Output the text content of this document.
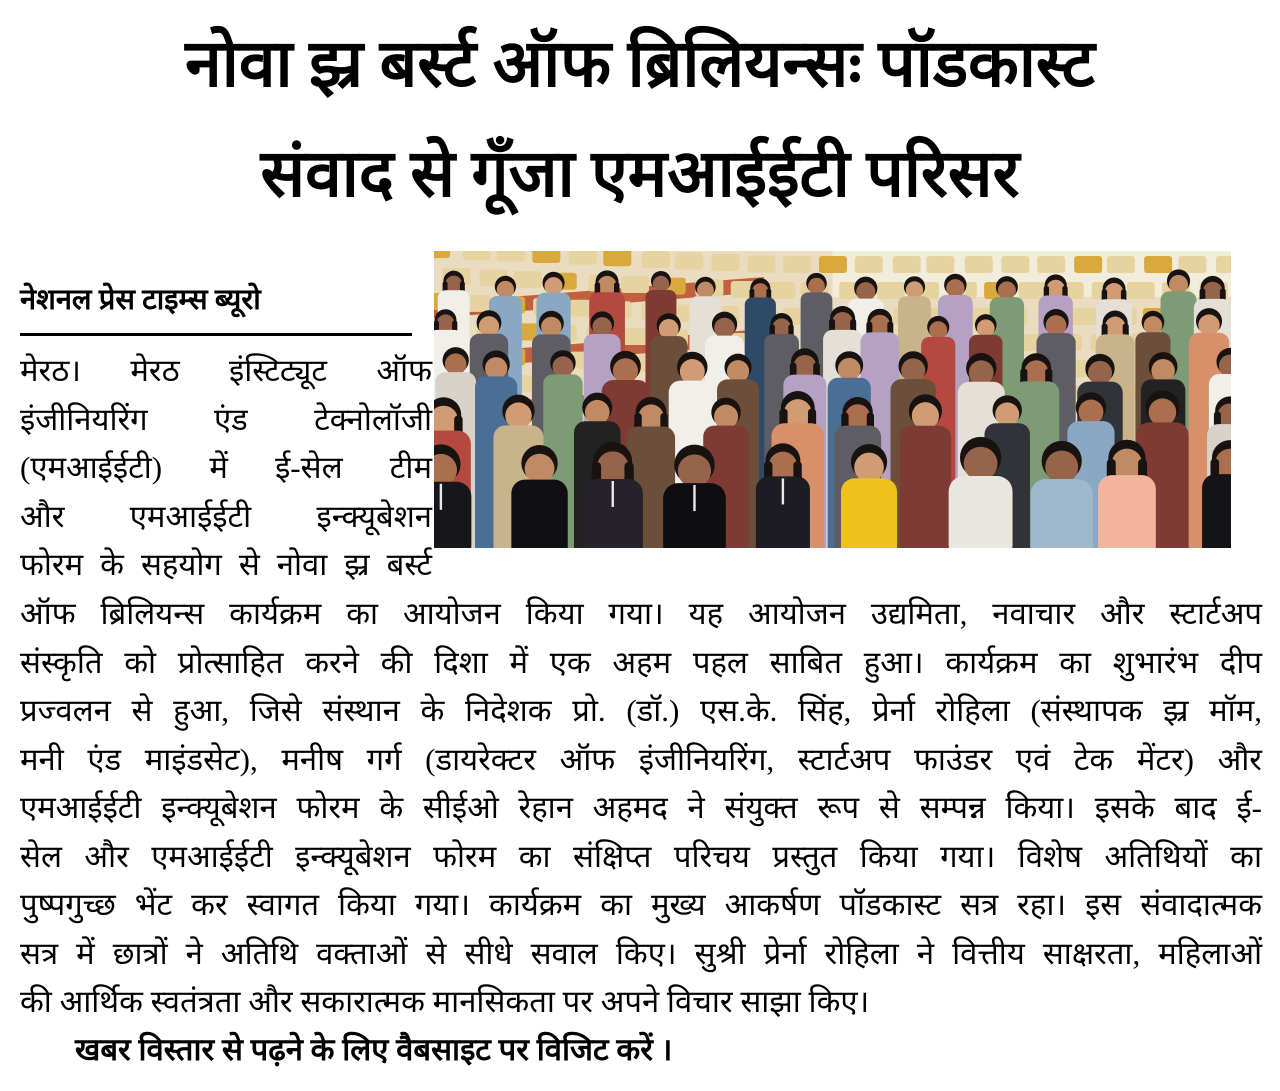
नोवा झ्र बर्स्ट ऑफ ब्रिलियन्सः पॉडकास्ट
संवाद से गूँजा एमआईईटी परिसर
नेशनल प्रेस टाइम्स ब्यूरो
मेरठ। मेरठ इंस्टिट्यूट ऑफ
इंजीनियरिंग एंड टेक्नोलॉजी
(एमआईईटी) में ई-सेल टीम
और एमआईईटी इन्क्यूबेशन
फोरम के सहयोग से नोवा झ्र बर्स्ट
ऑफ ब्रिलियन्स कार्यक्रम का आयोजन किया गया। यह आयोजन उद्यमिता, नवाचार और स्टार्टअप
संस्कृति को प्रोत्साहित करने की दिशा में एक अहम पहल साबित हुआ। कार्यक्रम का शुभारंभ दीप
प्रज्वलन से हुआ, जिसे संस्थान के निदेशक प्रो. (डॉ.) एस.के. सिंह, प्रेर्ना रोहिला (संस्थापक झ्र मॉम,
मनी एंड माइंडसेट), मनीष गर्ग (डायरेक्टर ऑफ इंजीनियरिंग, स्टार्टअप फाउंडर एवं टेक मेंटर) और
एमआईईटी इन्क्यूबेशन फोरम के सीईओ रेहान अहमद ने संयुक्त रूप से सम्पन्न किया। इसके बाद ई-
सेल और एमआईईटी इन्क्यूबेशन फोरम का संक्षिप्त परिचय प्रस्तुत किया गया। विशेष अतिथियों का
पुष्पगुच्छ भेंट कर स्वागत किया गया। कार्यक्रम का मुख्य आकर्षण पॉडकास्ट सत्र रहा। इस संवादात्मक
सत्र में छात्रों ने अतिथि वक्ताओं से सीधे सवाल किए। सुश्री प्रेर्ना रोहिला ने वित्तीय साक्षरता, महिलाओं
की आर्थिक स्वतंत्रता और सकारात्मक मानसिकता पर अपने विचार साझा किए।
खबर विस्तार से पढ़ने के लिए वैबसाइट पर विजिट करें ।
